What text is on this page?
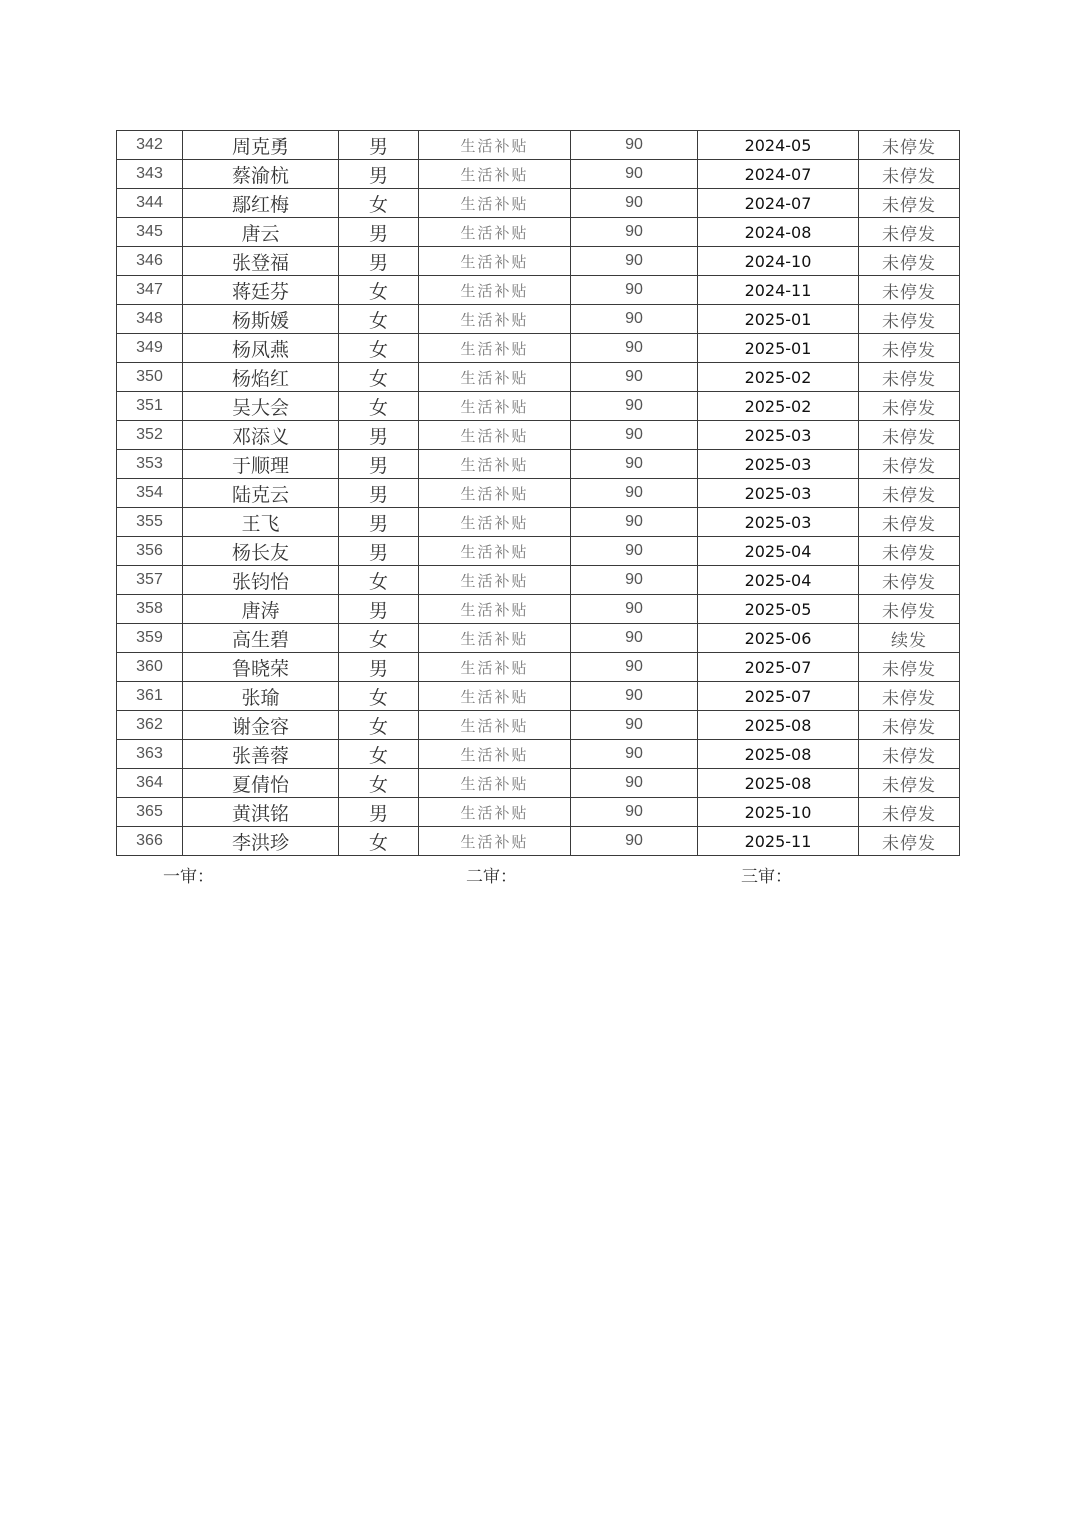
342	周克勇	男	生活补贴	90	2024-05	未停发
343	蔡渝杭	男	生活补贴	90	2024-07	未停发
344	鄢红梅	女	生活补贴	90	2024-07	未停发
345	唐云	男	生活补贴	90	2024-08	未停发
346	张登福	男	生活补贴	90	2024-10	未停发
347	蒋廷芬	女	生活补贴	90	2024-11	未停发
348	杨斯媛	女	生活补贴	90	2025-01	未停发
349	杨凤燕	女	生活补贴	90	2025-01	未停发
350	杨焰红	女	生活补贴	90	2025-02	未停发
351	吴大会	女	生活补贴	90	2025-02	未停发
352	邓添义	男	生活补贴	90	2025-03	未停发
353	于顺理	男	生活补贴	90	2025-03	未停发
354	陆克云	男	生活补贴	90	2025-03	未停发
355	王飞	男	生活补贴	90	2025-03	未停发
356	杨长友	男	生活补贴	90	2025-04	未停发
357	张钧怡	女	生活补贴	90	2025-04	未停发
358	唐涛	男	生活补贴	90	2025-05	未停发
359	高生碧	女	生活补贴	90	2025-06	续发
360	鲁晓荣	男	生活补贴	90	2025-07	未停发
361	张瑜	女	生活补贴	90	2025-07	未停发
362	谢金容	女	生活补贴	90	2025-08	未停发
363	张善蓉	女	生活补贴	90	2025-08	未停发
364	夏倩怡	女	生活补贴	90	2025-08	未停发
365	黄淇铭	男	生活补贴	90	2025-10	未停发
366	李洪珍	女	生活补贴	90	2025-11	未停发
一审：	二审：	三审：
